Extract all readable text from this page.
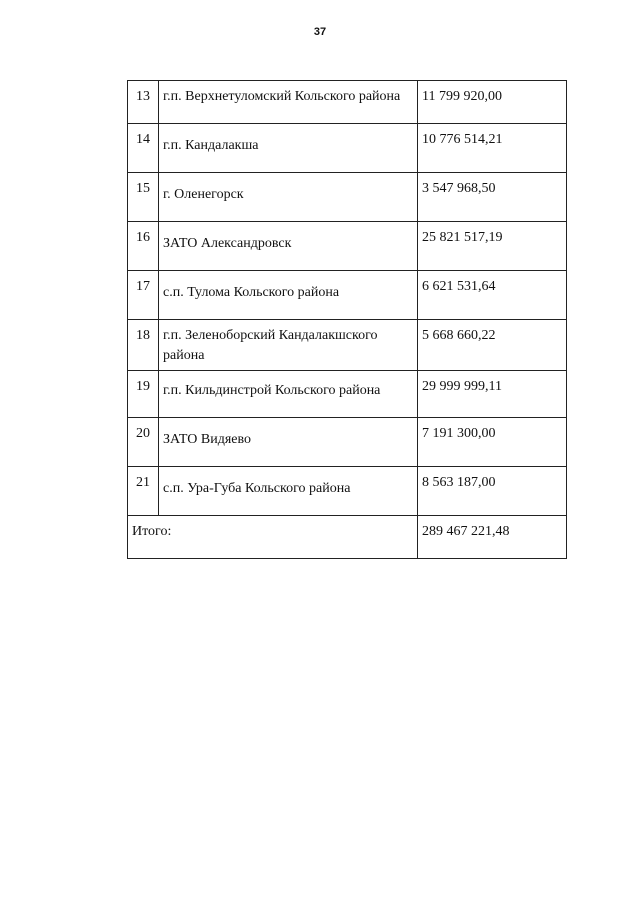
37
13	г.п. Верхнетуломский Кольского района	11 799 920,00
14	г.п. Кандалакша	10 776 514,21
15	г. Оленегорск	3 547 968,50
16	ЗАТО Александровск	25 821 517,19
17	с.п. Тулома Кольского района	6 621 531,64
18	г.п. Зеленоборский Кандалакшского района	5 668 660,22
19	г.п. Кильдинстрой Кольского района	29 999 999,11
20	ЗАТО Видяево	7 191 300,00
21	с.п. Ура-Губа Кольского района	8 563 187,00
Итого:		289 467 221,48
